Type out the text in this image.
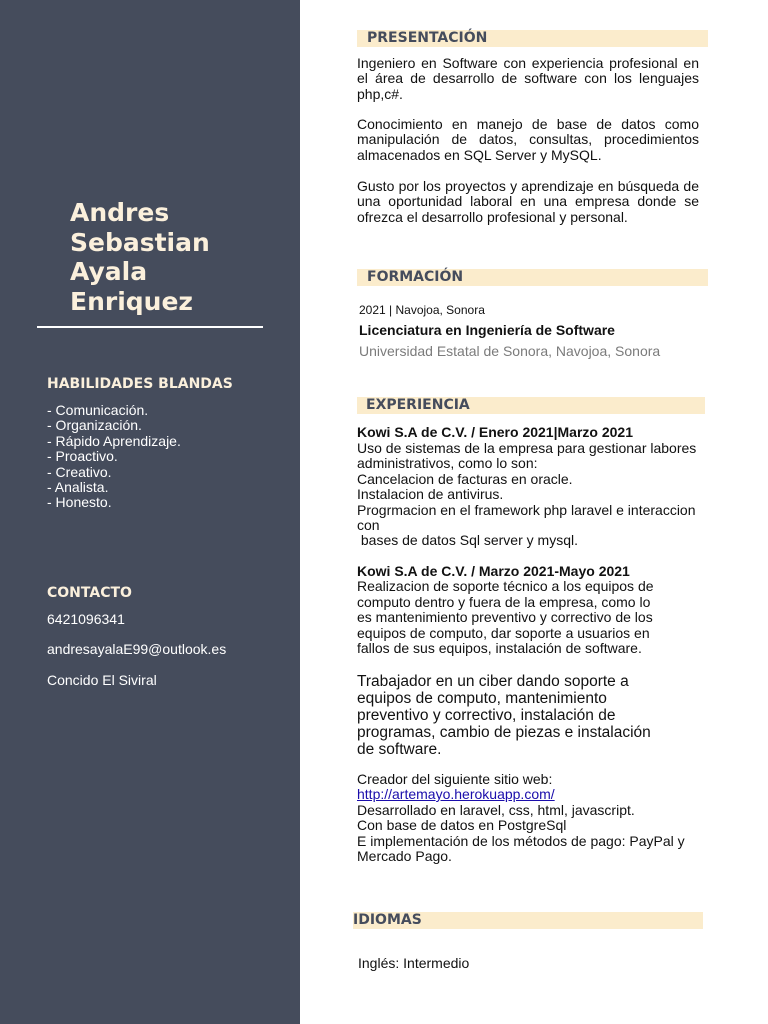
Andres
Sebastian
Ayala
Enriquez
HABILIDADES BLANDAS
- Comunicación.
- Organización.
- Rápido Aprendizaje.
- Proactivo.
- Creativo.
- Analista.
- Honesto.
CONTACTO
6421096341
andresayalaE99@outlook.es
Concido El Siviral
PRESENTACIÓN
Ingeniero en Software con experiencia profesional en el área de desarrollo de software con los lenguajes php,c#.
Conocimiento en manejo de base de datos como manipulación de datos, consultas, procedimientos almacenados en SQL Server y MySQL.
Gusto por los proyectos y aprendizaje en búsqueda de una oportunidad laboral en una empresa donde se ofrezca el desarrollo profesional y personal.
FORMACIÓN
2021 | Navojoa, Sonora
Licenciatura en Ingeniería de Software
Universidad Estatal de Sonora, Navojoa, Sonora
EXPERIENCIA
Kowi S.A de C.V. / Enero 2021|Marzo 2021
Uso de sistemas de la empresa para gestionar labores
administrativos, como lo son:
Cancelacion de facturas en oracle.
Instalacion de antivirus.
Progrmacion en el framework php laravel e interaccion
con
bases de datos Sql server y mysql.
Kowi S.A de C.V. / Marzo 2021-Mayo 2021
Realizacion de soporte técnico a los equipos de
computo dentro y fuera de la empresa, como lo
es mantenimiento preventivo y correctivo de los
equipos de computo, dar soporte a usuarios en
fallos de sus equipos, instalación de software.
Trabajador en un ciber dando soporte a
equipos de computo, mantenimiento
preventivo y correctivo, instalación de
programas, cambio de piezas e instalación
de software.
Creador del siguiente sitio web:
http://artemayo.herokuapp.com/
Desarrollado en laravel, css, html, javascript.
Con base de datos en PostgreSql
E implementación de los métodos de pago: PayPal y
Mercado Pago.
IDIOMAS
Inglés: Intermedio
